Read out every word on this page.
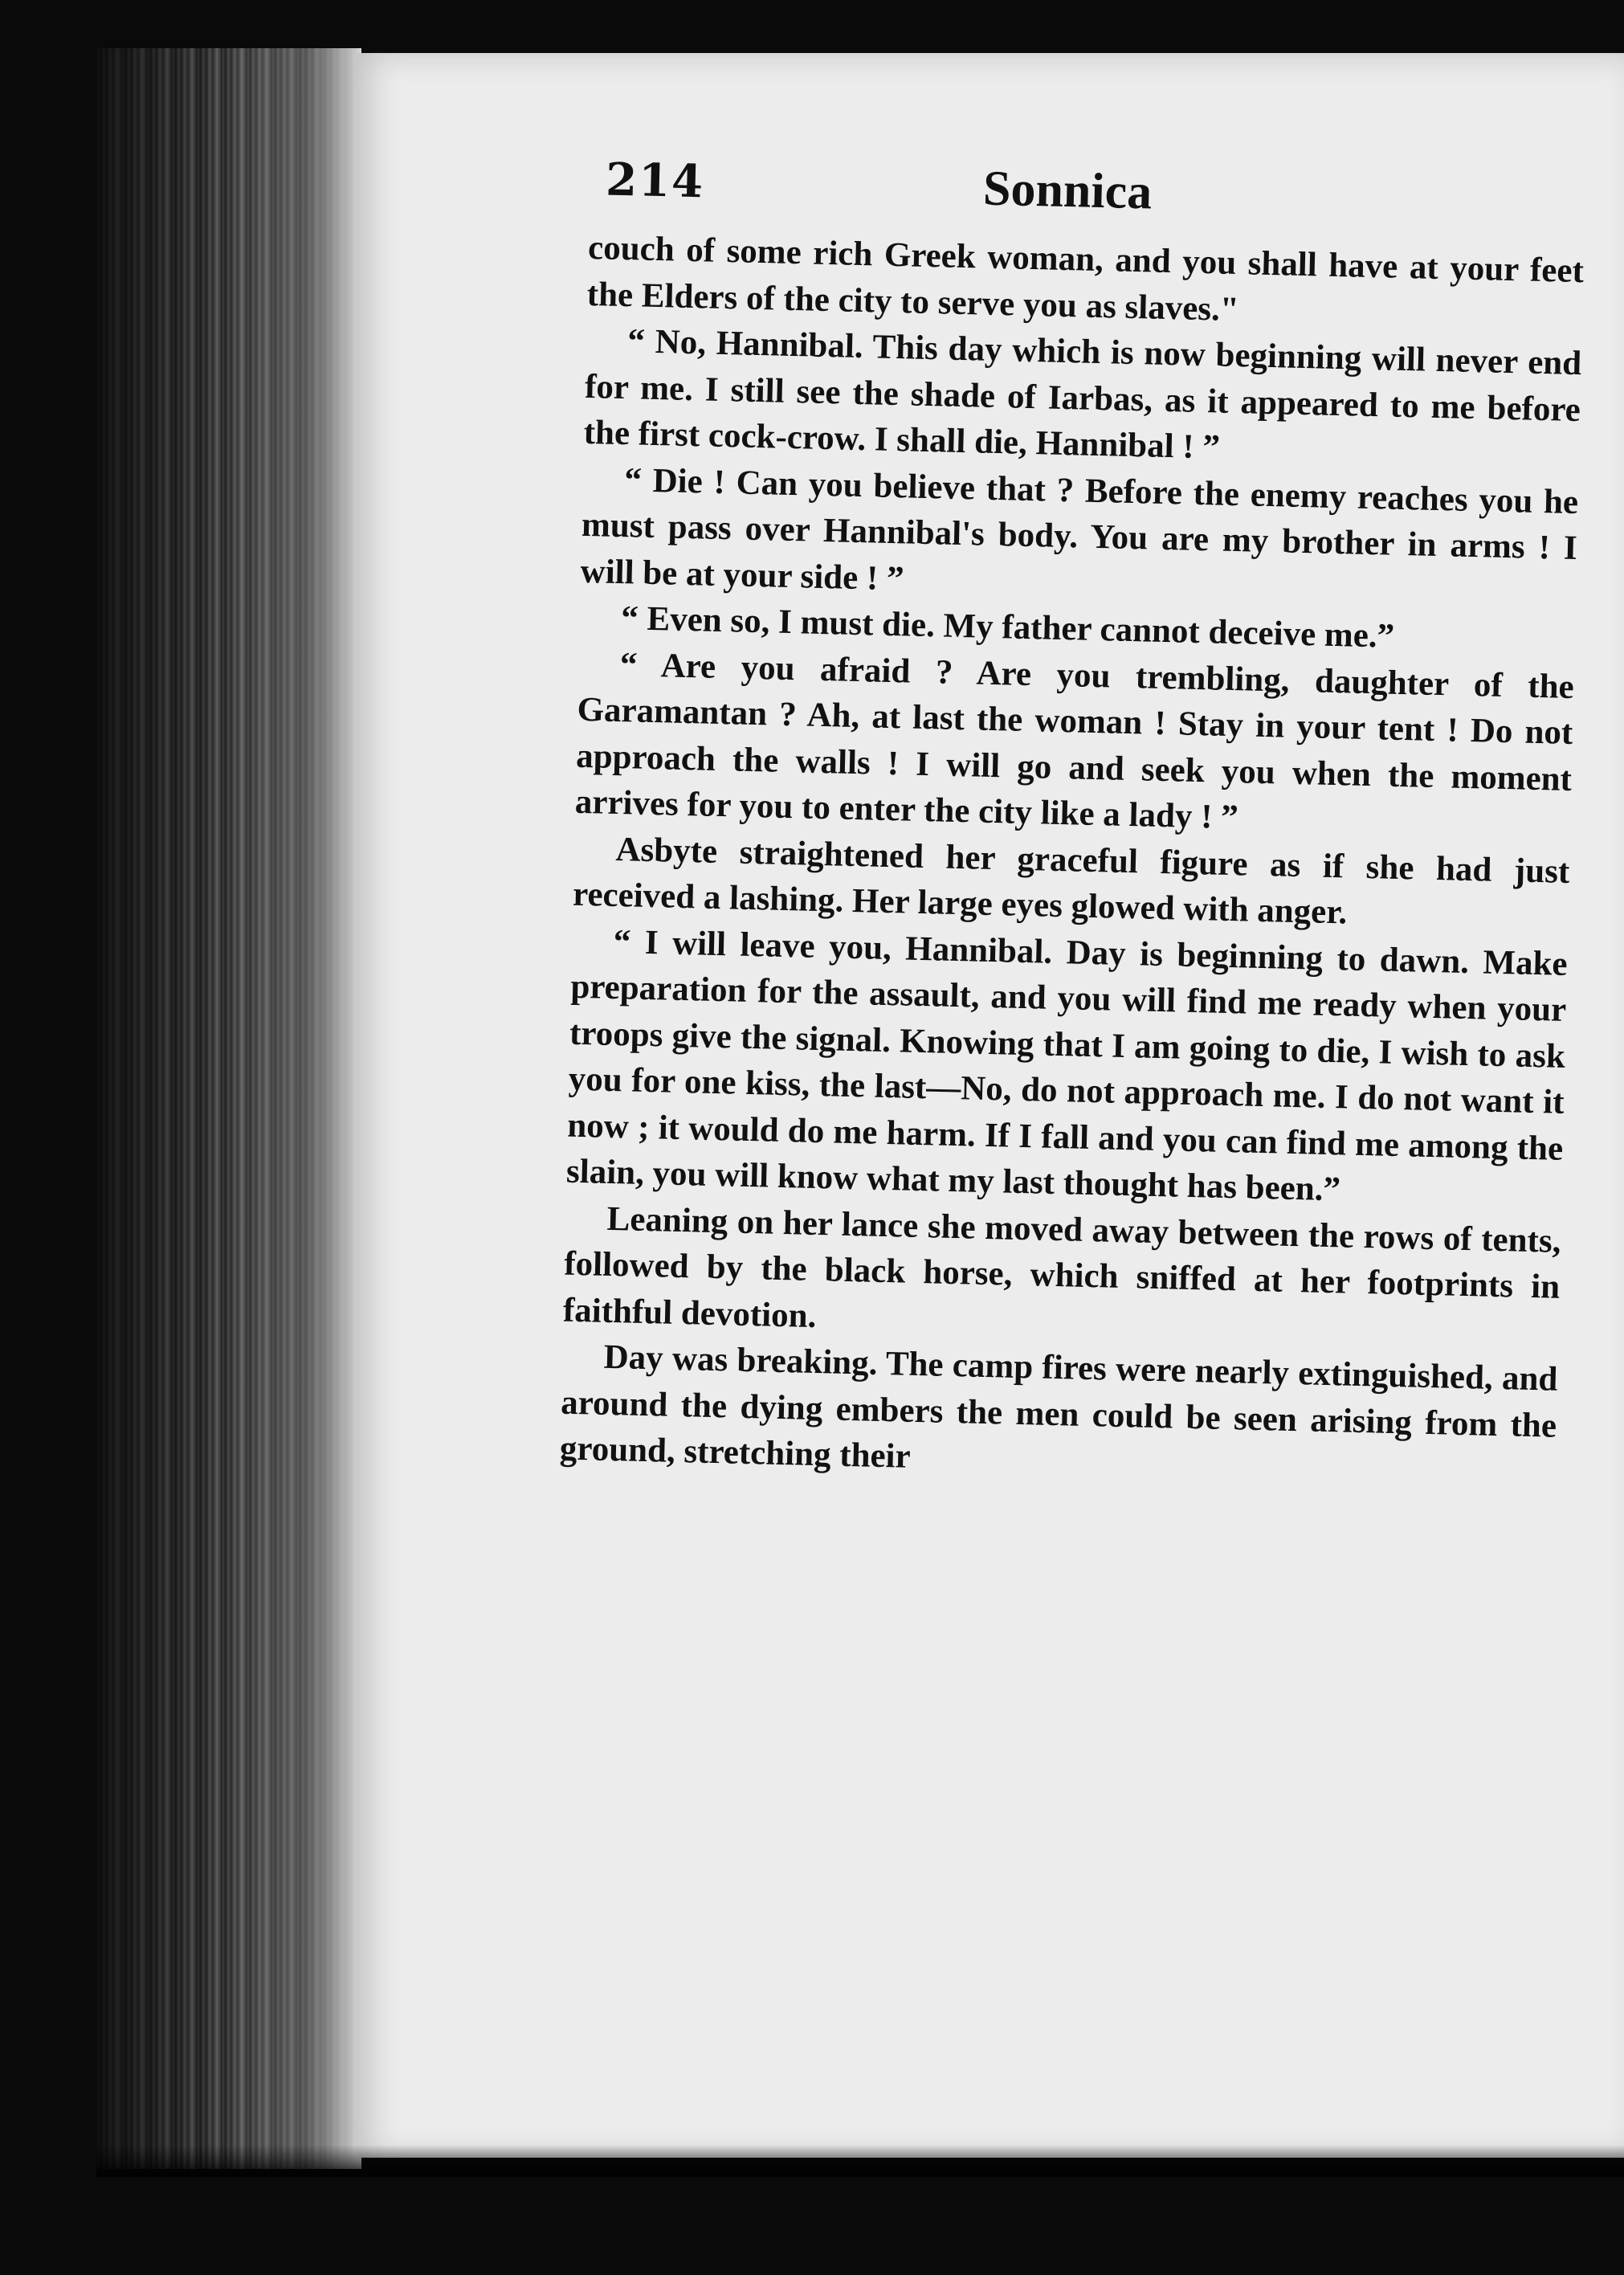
214	Sonnica

couch of some rich Greek woman, and you shall have at your feet the Elders of the city to serve you as slaves."

“ No, Hannibal. This day which is now beginning will never end for me. I still see the shade of Iarbas, as it appeared to me before the first cock-crow. I shall die, Hannibal ! ”

“ Die ! Can you believe that ? Before the enemy reaches you he must pass over Hannibal's body. You are my brother in arms ! I will be at your side ! ”

“ Even so, I must die. My father cannot deceive me.”

“ Are you afraid ? Are you trembling, daughter of the Garamantan ? Ah, at last the woman ! Stay in your tent ! Do not approach the walls ! I will go and seek you when the moment arrives for you to enter the city like a lady ! ”

Asbyte straightened her graceful figure as if she had just received a lashing. Her large eyes glowed with anger.

“ I will leave you, Hannibal. Day is beginning to dawn. Make preparation for the assault, and you will find me ready when your troops give the signal. Knowing that I am going to die, I wish to ask you for one kiss, the last—No, do not approach me. I do not want it now ; it would do me harm. If I fall and you can find me among the slain, you will know what my last thought has been.”

Leaning on her lance she moved away between the rows of tents, followed by the black horse, which sniffed at her footprints in faithful devotion.

Day was breaking. The camp fires were nearly extinguished, and around the dying embers the men could be seen arising from the ground, stretching their
